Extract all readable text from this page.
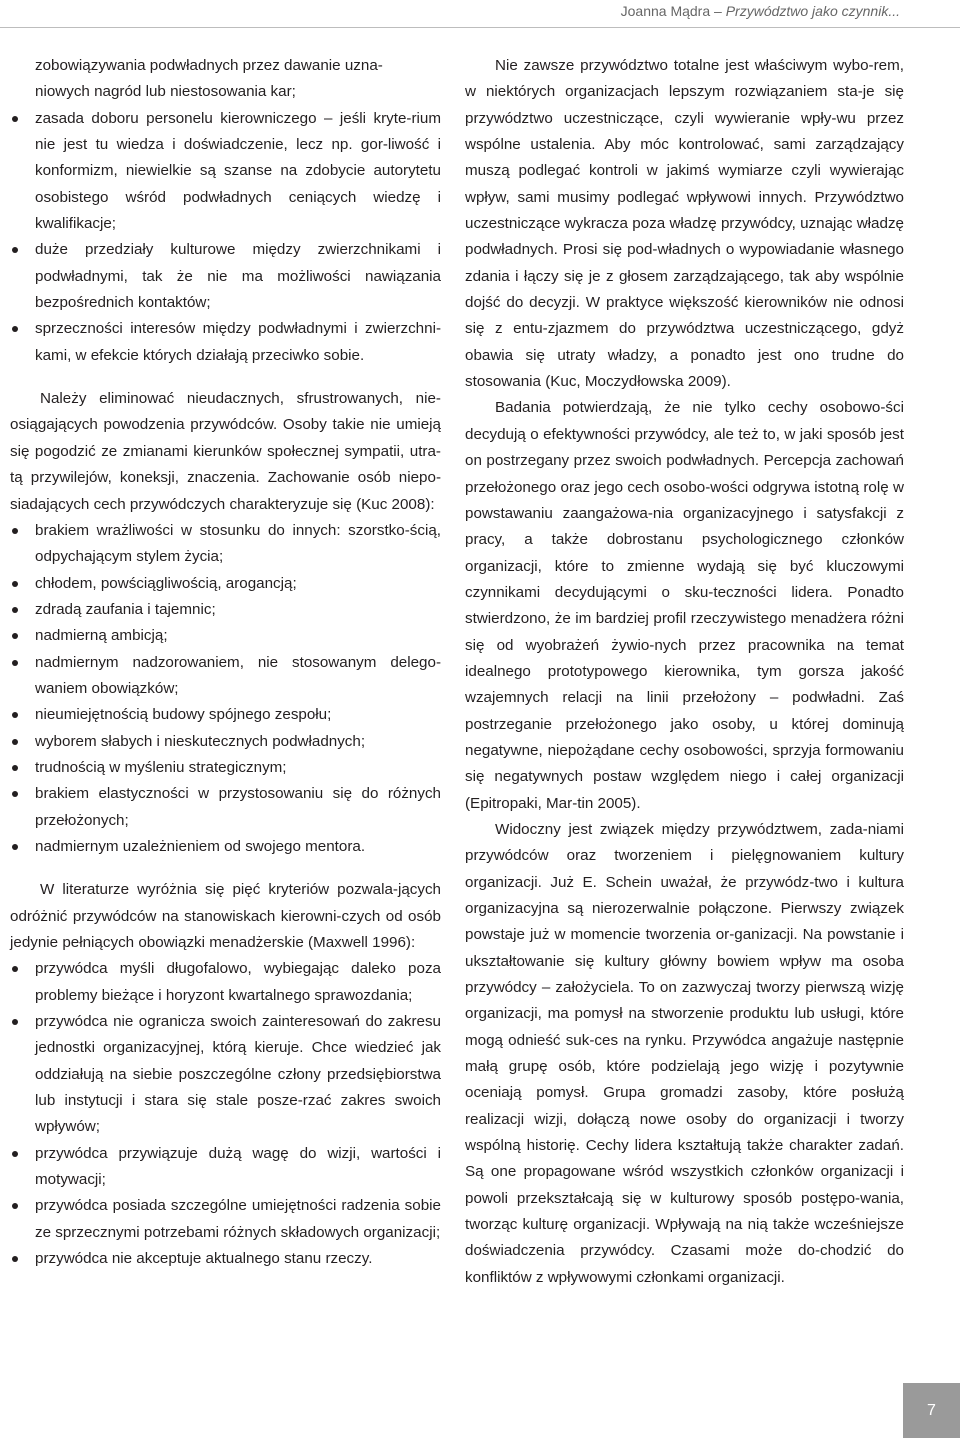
Joanna Mądra – Przywództwo jako czynnik...
zobowiązywania podwładnych przez dawanie uzna-
niowych nagród lub niestosowania kar;
zasada doboru personelu kierowniczego – jeśli kryte-rium nie jest tu wiedza i doświadczenie, lecz np. gor-liwość i konformizm, niewielkie są szanse na zdobycie autorytetu osobistego wśród podwładnych ceniących wiedzę i kwalifikacje;
duże przedziały kulturowe między zwierzchnikami i podwładnymi, tak że nie ma możliwości nawiązania bezpośrednich kontaktów;
sprzeczności interesów między podwładnymi i zwierzchni-kami, w efekcie których działają przeciwko sobie.

Należy eliminować nieudacznych, sfrustrowanych, nie-osiągających powodzenia przywódców. Osoby takie nie umieją się pogodzić ze zmianami kierunków społecznej sympatii, utra-tą przywilejów, koneksji, znaczenia. Zachowanie osób niepo-siadających cech przywódczych charakteryzuje się (Kuc 2008):

brakiem wrażliwości w stosunku do innych: szorstko-ścią, odpychającym stylem życia;
chłodem, powściągliwością, arogancją;
zdradą zaufania i tajemnic;
nadmierną ambicją;
nadmiernym nadzorowaniem, nie stosowanym delego-waniem obowiązków;
nieumiejętnością budowy spójnego zespołu;
wyborem słabych i nieskutecznych podwładnych;
trudnością w myśleniu strategicznym;
brakiem elastyczności w przystosowaniu się do różnych przełożonych;
nadmiernym uzależnieniem od swojego mentora.

W literaturze wyróżnia się pięć kryteriów pozwala-jących odróżnić przywódców na stanowiskach kierowni-czych od osób jedynie pełniących obowiązki menadżerskie (Maxwell 1996):

przywódca myśli długofalowo, wybiegając daleko poza problemy bieżące i horyzont kwartalnego sprawozdania;
przywódca nie ogranicza swoich zainteresowań do zakresu jednostki organizacyjnej, którą kieruje. Chce wiedzieć jak oddziałują na siebie poszczególne człony przedsiębiorstwa lub instytucji i stara się stale posze-rzać zakres swoich wpływów;
przywódca przywiązuje dużą wagę do wizji, wartości i motywacji;
przywódca posiada szczególne umiejętności radzenia sobie ze sprzecznymi potrzebami różnych składowych organizacji;
przywódca nie akceptuje aktualnego stanu rzeczy.

Nie zawsze przywództwo totalne jest właściwym wybo-rem, w niektórych organizacjach lepszym rozwiązaniem sta-je się przywództwo uczestniczące, czyli wywieranie wpły-wu przez wspólne ustalenia. Aby móc kontrolować, sami zarządzający muszą podlegać kontroli w jakimś wymiarze czyli wywierając wpływ, sami musimy podlegać wpływowi innych. Przywództwo uczestniczące wykracza poza władzę przywódcy, uznając władzę podwładnych. Prosi się pod-władnych o wypowiadanie własnego zdania i łączy się je z głosem zarządzającego, tak aby wspólnie dojść do decyzji. W praktyce większość kierowników nie odnosi się z entu-zjazmem do przywództwa uczestniczącego, gdyż obawia się utraty władzy, a ponadto jest ono trudne do stosowania (Kuc, Moczydłowska 2009).

Badania potwierdzają, że nie tylko cechy osobowo-ści decydują o efektywności przywódcy, ale też to, w jaki sposób jest on postrzegany przez swoich podwładnych. Percepcja zachowań przełożonego oraz jego cech osobo-wości odgrywa istotną rolę w powstawaniu zaangażowa-nia organizacyjnego i satysfakcji z pracy, a także dobrostanu psychologicznego członków organizacji, które to zmienne wydają się być kluczowymi czynnikami decydującymi o sku-teczności lidera. Ponadto stwierdzono, że im bardziej profil rzeczywistego menadżera różni się od wyobrażeń żywio-nych przez pracownika na temat idealnego prototypowego kierownika, tym gorsza jakość wzajemnych relacji na linii przełożony – podwładni. Zaś postrzeganie przełożonego jako osoby, u której dominują negatywne, niepożądane cechy osobowości, sprzyja formowaniu się negatywnych postaw względem niego i całej organizacji (Epitropaki, Mar-tin 2005).

Widoczny jest związek między przywództwem, zada-niami przywódców oraz tworzeniem i pielęgnowaniem kultury organizacji. Już E. Schein uważał, że przywódz-two i kultura organizacyjna są nierozerwalnie połączone. Pierwszy związek powstaje już w momencie tworzenia or-ganizacji. Na powstanie i ukształtowanie się kultury główny bowiem wpływ ma osoba przywódcy – założyciela. To on zazwyczaj tworzy pierwszą wizję organizacji, ma pomysł na stworzenie produktu lub usługi, które mogą odnieść suk-ces na rynku. Przywódca angażuje następnie małą grupę osób, które podzielają jego wizję i pozytywnie oceniają pomysł. Grupa gromadzi zasoby, które posłużą realizacji wizji, dołączą nowe osoby do organizacji i tworzy wspólną historię. Cechy lidera kształtują także charakter zadań. Są one propagowane wśród wszystkich członków organizacji i powoli przekształcają się w kulturowy sposób postępo-wania, tworząc kulturę organizacji. Wpływają na nią także wcześniejsze doświadczenia przywódcy. Czasami może do-chodzić do konfliktów z wpływowymi członkami organizacji.

7
